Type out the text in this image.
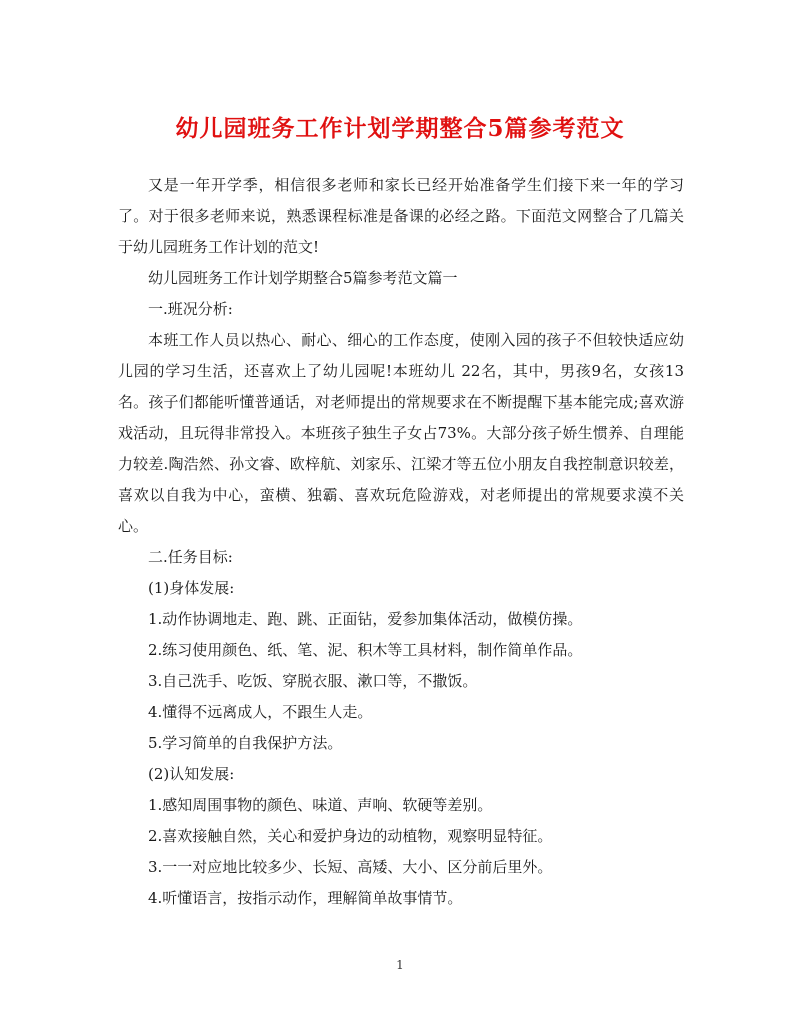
幼儿园班务工作计划学期整合5篇参考范文

又是一年开学季，相信很多老师和家长已经开始准备学生们接下来一年的学习了。对于很多老师来说，熟悉课程标准是备课的必经之路。下面范文网整合了几篇关于幼儿园班务工作计划的范文!

幼儿园班务工作计划学期整合5篇参考范文篇一

一.班况分析:

本班工作人员以热心、耐心、细心的工作态度，使刚入园的孩子不但较快适应幼儿园的学习生活，还喜欢上了幼儿园呢!本班幼儿 22名，其中，男孩9名，女孩13名。孩子们都能听懂普通话，对老师提出的常规要求在不断提醒下基本能完成;喜欢游戏活动，且玩得非常投入。本班孩子独生子女占73%。大部分孩子娇生惯养、自理能力较差.陶浩然、孙文睿、欧梓航、刘家乐、江梁才等五位小朋友自我控制意识较差，喜欢以自我为中心，蛮横、独霸、喜欢玩危险游戏，对老师提出的常规要求漠不关心。

二.任务目标:

(1)身体发展:

1.动作协调地走、跑、跳、正面钻，爱参加集体活动，做模仿操。

2.练习使用颜色、纸、笔、泥、积木等工具材料，制作简单作品。

3.自己洗手、吃饭、穿脱衣服、漱口等，不撒饭。

4.懂得不远离成人，不跟生人走。

5.学习简单的自我保护方法。

(2)认知发展:

1.感知周围事物的颜色、味道、声响、软硬等差别。

2.喜欢接触自然，关心和爱护身边的动植物，观察明显特征。

3.一一对应地比较多少、长短、高矮、大小、区分前后里外。

4.听懂语言，按指示动作，理解简单故事情节。

1
